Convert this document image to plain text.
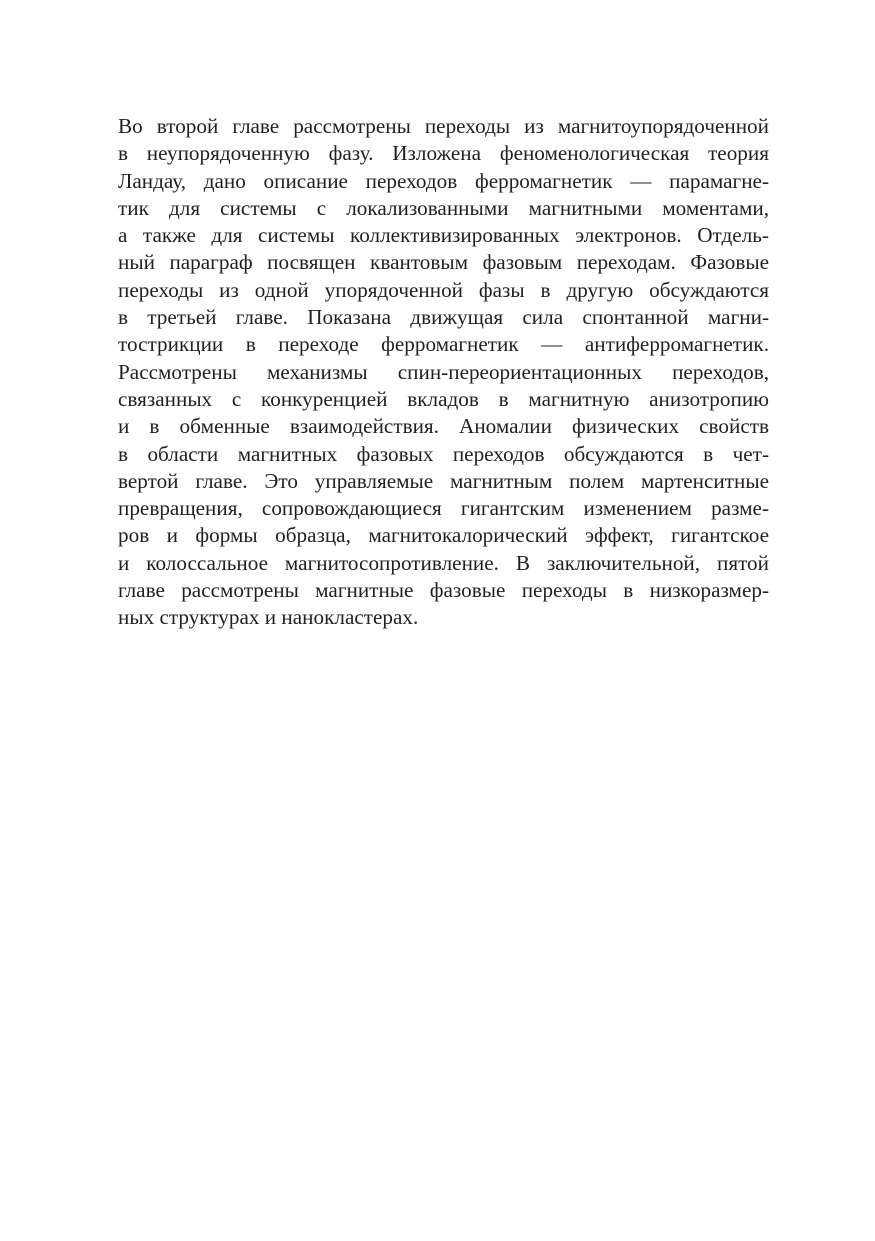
Во второй главе рассмотрены переходы из магнитоупорядоченной
в неупорядоченную фазу. Изложена феноменологическая теория
Ландау, дано описание переходов ферромагнетик — парамагне-
тик для системы с локализованными магнитными моментами,
а также для системы коллективизированных электронов. Отдель-
ный параграф посвящен квантовым фазовым переходам. Фазовые
переходы из одной упорядоченной фазы в другую обсуждаются
в третьей главе. Показана движущая сила спонтанной магни-
тострикции в переходе ферромагнетик — антиферромагнетик.
Рассмотрены механизмы спин-переориентационных переходов,
связанных с конкуренцией вкладов в магнитную анизотропию
и в обменные взаимодействия. Аномалии физических свойств
в области магнитных фазовых переходов обсуждаются в чет-
вертой главе. Это управляемые магнитным полем мартенситные
превращения, сопровождающиеся гигантским изменением разме-
ров и формы образца, магнитокалорический эффект, гигантское
и колоссальное магнитосопротивление. В заключительной, пятой
главе рассмотрены магнитные фазовые переходы в низкоразмер-
ных структурах и нанокластерах.
